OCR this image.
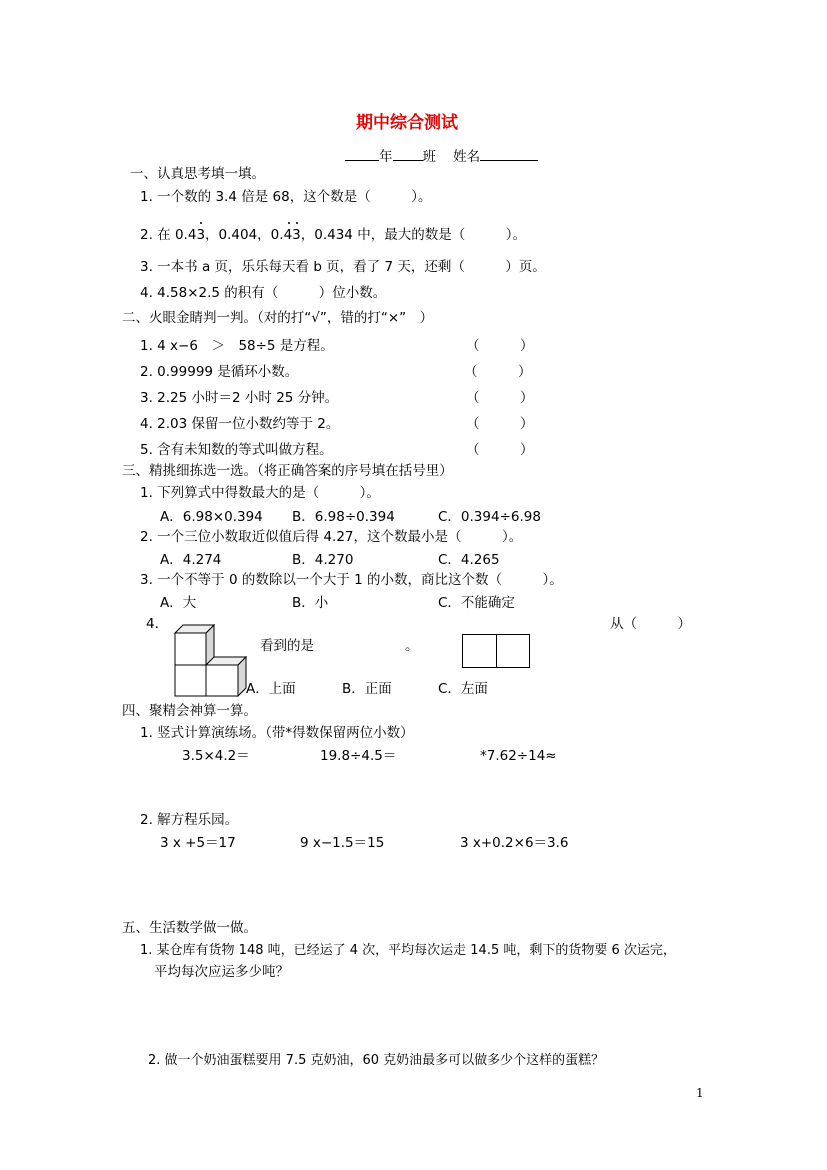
期中综合测试
年 班 姓名
一、认真思考填一填。
1. 一个数的 3.4 倍是 68，这个数是（　　　）。
2. 在 0.43
，0.404，0.4
3
，0.434 中，最大的数是（　　　）。
3. 一本书 a 页，乐乐每天看 b 页，看了 7 天，还剩（　　　）页。
4. 4.58×2.5 的积有（　　　）位小数。
二、火眼金睛判一判。（对的打“√”，错的打“×”　）
1. 4 x−6　＞　58÷5 是方程。	（　　　）
2. 0.99999 是循环小数。	（　　　）
3. 2.25 小时＝2 小时 25 分钟。	（　　　）
4. 2.03 保留一位小数约等于 2。	（　　　）
5. 含有未知数的等式叫做方程。	（　　　）
三、精挑细拣选一选。（将正确答案的序号填在括号里）
1. 下列算式中得数最大的是（　　　）。
A．6.98×0.394 B．6.98÷0.394	C．0.394÷6.98
2. 一个三位小数取近似值后得 4.27，这个数最小是（　　　）。
A．4.274	B．4.270	C．4.265
3. 一个不等于 0 的数除以一个大于 1 的小数，商比这个数（　　　）。
A．大	B．小	C．不能确定
4．	从（　　　）
看到的是	。
A．上面	B．正面	C．左面
四、聚精会神算一算。
1. 竖式计算演练场。（带*得数保留两位小数）
3.5×4.2＝	19.8÷4.5＝	*7.62÷14≈
2. 解方程乐园。
3 x +5＝17	9 x−1.5＝15	3 x+0.2×6＝3.6
五、生活数学做一做。
1. 某仓库有货物 148 吨，已经运了 4 次，平均每次运走 14.5 吨，剩下的货物要 6 次运完，
平均每次应运多少吨？
2. 做一个奶油蛋糕要用 7.5 克奶油，60 克奶油最多可以做多少个这样的蛋糕？
1
